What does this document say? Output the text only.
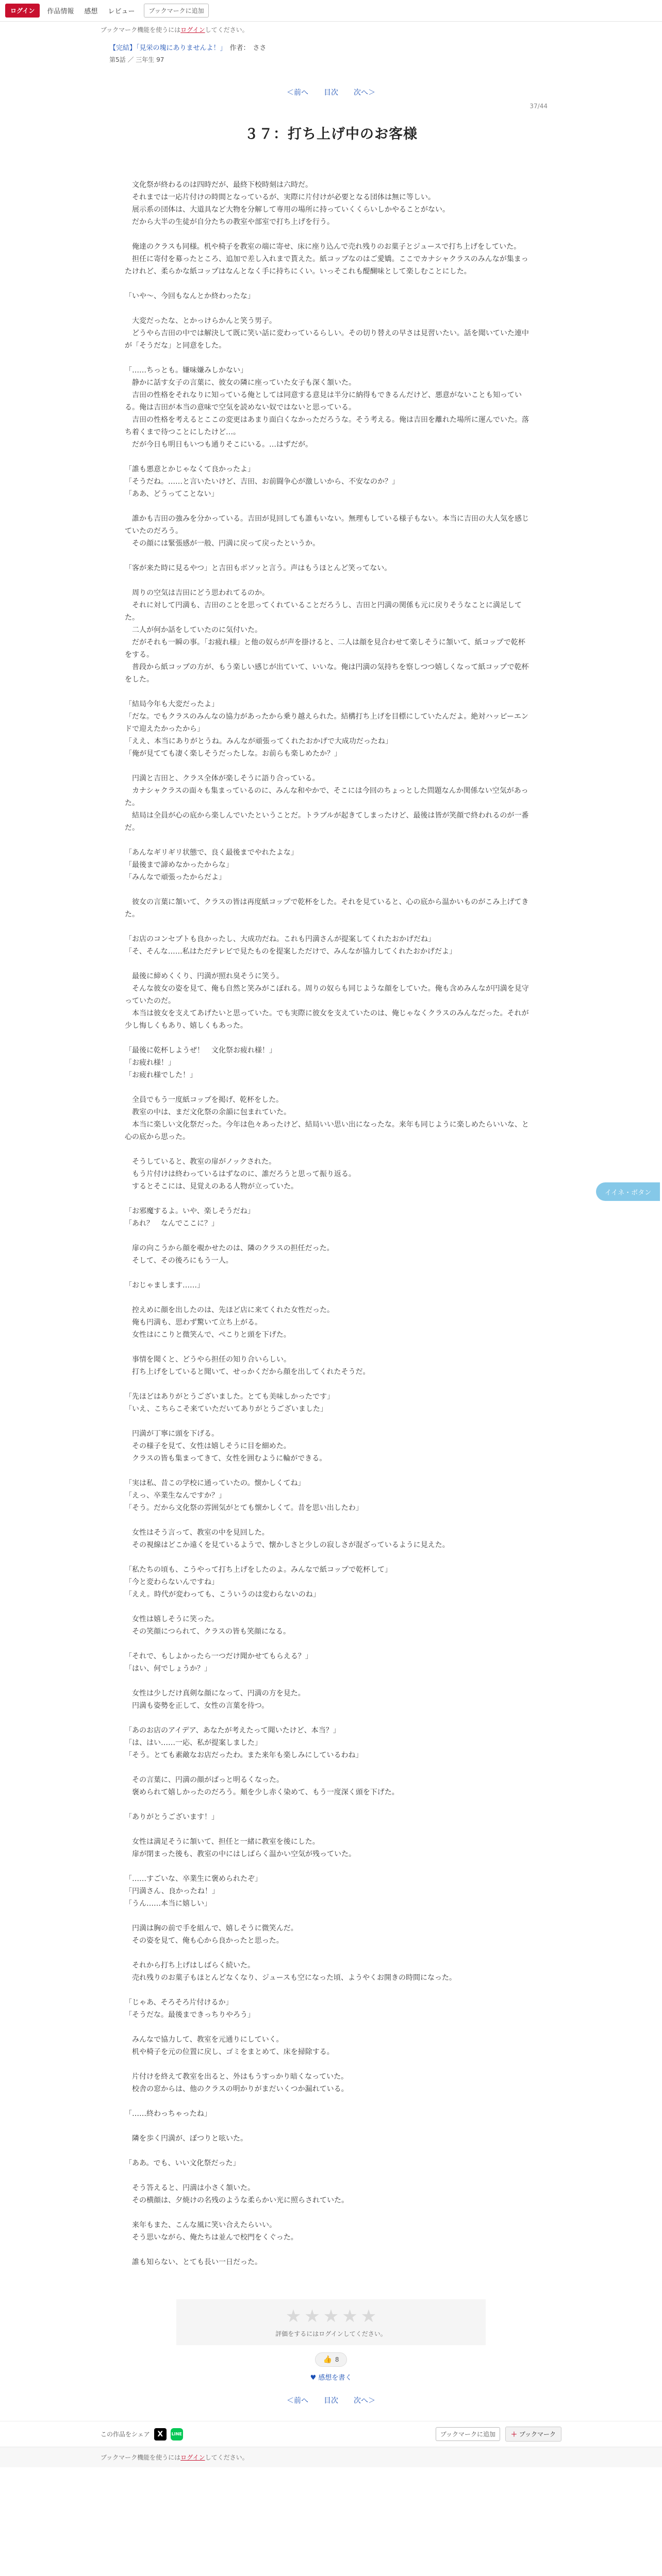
ログイン	作品情報	感想	レビュー	ブックマークに追加
ブックマーク機能を使うには ログイン してください。
【完結】「見栄の塊にありませんよ！」 作者： ささ
第5話 ／ 三年生 97
＜前へ 目次 次へ＞
37/44
３７：打ち上げ中のお客様

　文化祭が終わるのは四時だが、最終下校時刻は六時だ。

　それまでは一応片付けの時間となっているが、実際に片付けが必要となる団体は無に等しい。

　展示系の団体は、大道具など大物を分解して専用の場所に持っていくくらいしかやることがない。

　だから大半の生徒が自分たちの教室や部室で打ち上げを行う。

　俺達のクラスも同様。机や椅子を教室の端に寄せ、床に座り込んで売れ残りのお菓子とジュースで打ち上げをしていた。

　担任に寄付を募ったところ、追加で差し入れまで貰えた。紙コップなのはご愛嬌。ここでカナシャクラスのみんなが集まったけれど、柔らかな紙コップはなんとなく手に持ちにくい。いっそこれも醍醐味として楽しむことにした。

「いや～、今回もなんとか終わったな」

　大変だったな、とかっけらかんと笑う男子。

　どうやら吉田の中では解決して既に笑い話に変わっているらしい。その切り替えの早さは見習いたい。話を聞いていた連中が「そうだな」と同意をした。

「……ちっとも。嫌味嫌みしかない」

　静かに話す女子の言葉に、彼女の隣に座っていた女子も深く頷いた。

　吉田の性格をそれなりに知っている俺としては同意する意見は半分に納得もできるんだけど、悪意がないことも知っている。俺は吉田が本当の意味で空気を読めない奴ではないと思っている。

　吉田の性格を考えるとここの変更はあまり面白くなかっただろうな。そう考える。俺は吉田を離れた場所に運んでいた。落ち着くまで待つことにしたけど…。

　だが今日も明日もいつも通りそこにいる。…はずだが。

「誰も悪意とかじゃなくて良かったよ」

「そうだね。……と言いたいけど、吉田、お前闘争心が激しいから、不安なのか？」

「ああ、どうってことない」

　誰かも吉田の強みを分かっている。吉田が見回しても誰もいない。無理もしている様子もない。本当に吉田の大人気を感じていたのだろう。

　その顔には緊張感が一般、円満に戻って戻ったというか。

「客が来た時に見るやつ」と吉田もボソッと言う。声はもうほとんど笑ってない。

　周りの空気は吉田にどう思われてるのか。

　それに対して円満も、吉田のことを思ってくれていることだろうし、吉田と円満の関係も元に戻りそうなことに満足してた。

　二人が何か話をしていたのに気付いた。

　だがそれも一瞬の事。「お疲れ様」と他の奴らが声を掛けると、二人は顔を見合わせて楽しそうに頷いて、紙コップで乾杯をする。

　普段から紙コップの方が、もう楽しい感じが出ていて、いいな。俺は円満の気持ちを察しつつ嬉しくなって紙コップで乾杯をした。

「結局今年も大変だったよ」

「だな。でもクラスのみんなの協力があったから乗り越えられた。結構打ち上げを目標にしていたんだよ。絶対ハッピーエンドで迎えたかったから」

「ええ、本当にありがとうね。みんなが頑張ってくれたおかげで大成功だったね」

「俺が見てても凄く楽しそうだったしな。お前らも楽しめたか？」

　円満と吉田と、クラス全体が楽しそうに語り合っている。

　カナシャクラスの面々も集まっているのに、みんな和やかで、そこには今回のちょっとした問題なんか関係ない空気があった。

　結局は全員が心の底から楽しんでいたということだ。トラブルが起きてしまったけど、最後は皆が笑顔で終われるのが一番だ。

「あんなギリギリ状態で、良く最後までやれたよな」

「最後まで諦めなかったからな」

「みんなで頑張ったからだよ」

　彼女の言葉に頷いて、クラスの皆は再度紙コップで乾杯をした。それを見ていると、心の底から温かいものがこみ上げてきた。

「お店のコンセプトも良かったし、大成功だね。これも円満さんが提案してくれたおかげだね」

「そ、そんな……私はただテレビで見たものを提案しただけで、みんなが協力してくれたおかげだよ」

　最後に締めくくり、円満が照れ臭そうに笑う。

　そんな彼女の姿を見て、俺も自然と笑みがこぼれる。周りの奴らも同じような顔をしていた。俺も含めみんなが円満を見守っていたのだ。

　本当は彼女を支えてあげたいと思っていた。でも実際に彼女を支えていたのは、俺じゃなくクラスのみんなだった。それが少し悔しくもあり、嬉しくもあった。

「最後に乾杯しようぜ！　文化祭お疲れ様！」

「お疲れ様！」

「お疲れ様でした！」

　全員でもう一度紙コップを掲げ、乾杯をした。

　教室の中は、まだ文化祭の余韻に包まれていた。

　本当に楽しい文化祭だった。今年は色々あったけど、結局いい思い出になったな。来年も同じように楽しめたらいいな、と心の底から思った。

　そうしていると、教室の扉がノックされた。

　もう片付けは終わっているはずなのに、誰だろうと思って振り返る。

　するとそこには、見覚えのある人物が立っていた。

「お邪魔するよ。いや、楽しそうだね」

「あれ？　なんでここに？」

　扉の向こうから顔を覗かせたのは、隣のクラスの担任だった。

　そして、その後ろにもう一人。

「おじゃまします……」

　控えめに顔を出したのは、先ほど店に来てくれた女性だった。

　俺も円満も、思わず驚いて立ち上がる。

　女性はにこりと微笑んで、ぺこりと頭を下げた。

　事情を聞くと、どうやら担任の知り合いらしい。

　打ち上げをしていると聞いて、せっかくだから顔を出してくれたそうだ。

「先ほどはありがとうございました。とても美味しかったです」

「いえ、こちらこそ来ていただいてありがとうございました」

　円満が丁寧に頭を下げる。

　その様子を見て、女性は嬉しそうに目を細めた。

　クラスの皆も集まってきて、女性を囲むように輪ができる。

「実は私、昔この学校に通っていたの。懐かしくてね」

「えっ、卒業生なんですか？」

「そう。だから文化祭の雰囲気がとても懐かしくて。昔を思い出したわ」

　女性はそう言って、教室の中を見回した。

　その視線はどこか遠くを見ているようで、懐かしさと少しの寂しさが混ざっているように見えた。

「私たちの頃も、こうやって打ち上げをしたのよ。みんなで紙コップで乾杯して」

「今と変わらないんですね」

「ええ。時代が変わっても、こういうのは変わらないのね」

　女性は嬉しそうに笑った。

　その笑顔につられて、クラスの皆も笑顔になる。

「それで、もしよかったら一つだけ聞かせてもらえる？」

「はい、何でしょうか？」

　女性は少しだけ真剣な顔になって、円満の方を見た。

　円満も姿勢を正して、女性の言葉を待つ。

「あのお店のアイデア、あなたが考えたって聞いたけど、本当？」

「は、はい……一応、私が提案しました」

「そう。とても素敵なお店だったわ。また来年も楽しみにしているわね」

　その言葉に、円満の顔がぱっと明るくなった。

　褒められて嬉しかったのだろう。頬を少し赤く染めて、もう一度深く頭を下げた。

「ありがとうございます！」

　女性は満足そうに頷いて、担任と一緒に教室を後にした。

　扉が閉まった後も、教室の中にはしばらく温かい空気が残っていた。

「……すごいな、卒業生に褒められたぞ」

「円満さん、良かったね！」

「うん……本当に嬉しい」

　円満は胸の前で手を組んで、嬉しそうに微笑んだ。

　その姿を見て、俺も心から良かったと思った。

　それから打ち上げはしばらく続いた。

　売れ残りのお菓子もほとんどなくなり、ジュースも空になった頃、ようやくお開きの時間になった。

「じゃあ、そろそろ片付けるか」

「そうだな。最後まできっちりやろう」

　みんなで協力して、教室を元通りにしていく。

　机や椅子を元の位置に戻し、ゴミをまとめて、床を掃除する。

　片付けを終えて教室を出ると、外はもうすっかり暗くなっていた。

　校舎の窓からは、他のクラスの明かりがまだいくつか漏れている。

「……終わっちゃったね」

　隣を歩く円満が、ぽつりと呟いた。

「ああ。でも、いい文化祭だった」

　そう答えると、円満は小さく頷いた。

　その横顔は、夕焼けの名残のような柔らかい光に照らされていた。

　来年もまた、こんな風に笑い合えたらいい。

　そう思いながら、俺たちは並んで校門をくぐった。

　誰も知らない、とても長い一日だった。

★ ★ ★ ★ ★
評価をするにはログインしてください。
👍 8
♥ 感想を書く
＜前へ 目次 次へ＞
この作品をシェア	X	LINE	ブックマークに追加	＋ ブックマーク
ブックマーク機能を使うには ログイン してください。
イイネ・ボタン
